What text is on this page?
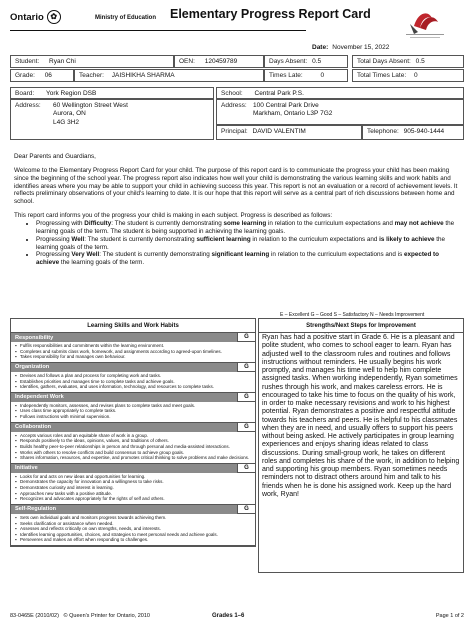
Ontario ✿	Ministry of Education Elementary Progress Report Card
Date: November 15, 2022
Student: Ryan Chi	OEN: 120459789	Days Absent: 0.5	Total Days Absent: 0.5
Grade: 06	Teacher: JAISHIKHA SHARMA	Times Late:	0	Total Times Late: 0
Board: York Region DSB
Address: 60 Wellington Street West
Aurora, ON
L4G 3H2
School: Central Park P.S.
Address: 100 Central Park Drive
Markham, Ontario L3P 7G2
Principal: DAVID VALENTIM	Telephone: 905-940-1444

Dear Parents and Guardians,

Welcome to the Elementary Progress Report Card for your child. The purpose of this report card is to communicate the progress your child has been making since the beginning of the school year. The progress report also indicates how well your child is demonstrating the various learning skills and work habits and identifies areas where you may be able to support your child in achieving success this year. This report is not an evaluation or a record of achievement levels. It reflects preliminary observations of your child's learning to date. It is our hope that this report will serve as a central part of rich discussions between home and school.

This report card informs you of the progress your child is making in each subject. Progress is described as follows:

• Progressing with Difficulty: The student is currently demonstrating some learning in relation to the curriculum expectations and may not achieve the learning goals of the term. The student is being supported in achieving the learning goals.
• Progressing Well: The student is currently demonstrating sufficient learning in relation to the curriculum expectations and is likely to achieve the learning goals of the term.
• Progressing Very Well: The student is currently demonstrating significant learning in relation to the curriculum expectations and is expected to achieve the learning goals of the term.
E – Excellent G – Good S – Satisfactory N – Needs Improvement
Learning Skills and Work Habits
Responsibility	G
▪ Fulfils responsibilities and commitments within the learning environment.
▪ Completes and submits class work, homework, and assignments according to agreed-upon timelines.
▪ Takes responsibility for and manages own behaviour.
Organization	G
▪ Devises and follows a plan and process for completing work and tasks.
▪ Establishes priorities and manages time to complete tasks and achieve goals.
▪ Identifies, gathers, evaluates, and uses information, technology, and resources to complete tasks.
Independent Work	G
▪ Independently monitors, assesses, and revises plans to complete tasks and meet goals.
▪ Uses class time appropriately to complete tasks.
▪ Follows instructions with minimal supervision.
Collaboration	G
▪ Accepts various roles and an equitable share of work in a group.
▪ Responds positively to the ideas, opinions, values, and traditions of others.
▪ Builds healthy peer-to-peer relationships in person and through personal and media-assisted interactions.
▪ Works with others to resolve conflicts and build consensus to achieve group goals.
▪ Shares information, resources, and expertise, and promotes critical thinking to solve problems and make decisions.
Initiative	G
▪ Looks for and acts on new ideas and opportunities for learning.
▪ Demonstrates the capacity for innovation and a willingness to take risks.
▪ Demonstrates curiosity and interest in learning.
▪ Approaches new tasks with a positive attitude.
▪ Recognizes and advocates appropriately for the rights of self and others.
Self-Regulation	G
▪ Sets own individual goals and monitors progress towards achieving them.
▪ Seeks clarification or assistance when needed.
▪ Assesses and reflects critically on own strengths, needs, and interests.
▪ Identifies learning opportunities, choices, and strategies to meet personal needs and achieve goals.
▪ Perseveres and makes an effort when responding to challenges.
Strengths/Next Steps for Improvement
Ryan has had a positive start in Grade 6. He is a pleasant and polite student, who comes to school eager to learn. Ryan has adjusted well to the classroom rules and routines and follows instructions without reminders. He usually begins his work promptly, and manages his time well to help him complete assigned tasks. When working independently, Ryan sometimes rushes through his work, and makes careless errors. He is encouraged to take his time to focus on the quality of his work, in order to make necessary revisions and work to his highest potential. Ryan demonstrates a positive and respectful attitude towards his teachers and peers. He is helpful to his classmates when they are in need, and usually offers to support his peers without being asked. He actively participates in group learning experiences and enjoys sharing ideas related to class discussions. During small-group work, he takes on different roles and completes his share of the work, in addition to helping and supporting his group members. Ryan sometimes needs reminders not to distract others around him and talk to his friends when he is done his assigned work. Keep up the hard work, Ryan!
83-0465E (2010/02) © Queen's Printer for Ontario, 2010	Grades 1–6	Page 1 of 2
